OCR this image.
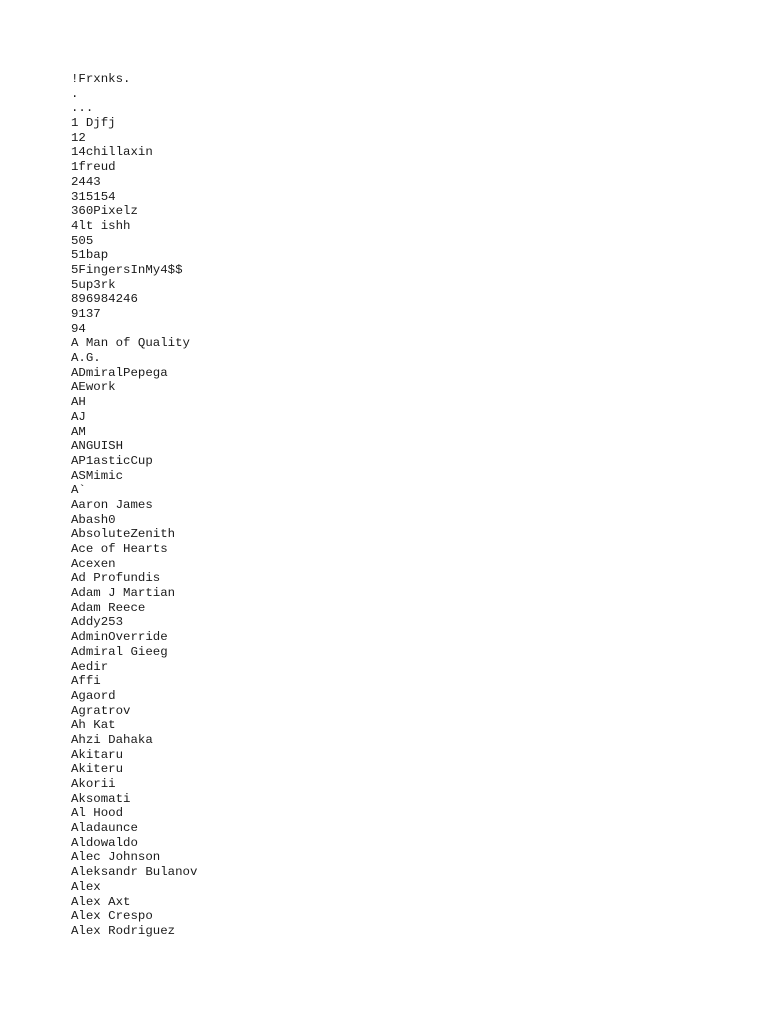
!Frxnks.
.
...
1 Djfj
12
14chillaxin
1freud
2443
315154
360Pixelz
4lt ishh
505
51bap
5FingersInMy4$$
5up3rk
896984246
9137
94
A Man of Quality
A.G.
ADmiralPepega
AEwork
AH
AJ
AM
ANGUISH
AP1asticCup
ASMimic
A`
Aaron James
Abash0
AbsoluteZenith
Ace of Hearts
Acexen
Ad Profundis
Adam J Martian
Adam Reece
Addy253
AdminOverride
Admiral Gieeg
Aedir
Affi
Agaord
Agratrov
Ah Kat
Ahzi Dahaka
Akitaru
Akiteru
Akorii
Aksomati
Al Hood
Aladaunce
Aldowaldo
Alec Johnson
Aleksandr Bulanov
Alex
Alex Axt
Alex Crespo
Alex Rodriguez
